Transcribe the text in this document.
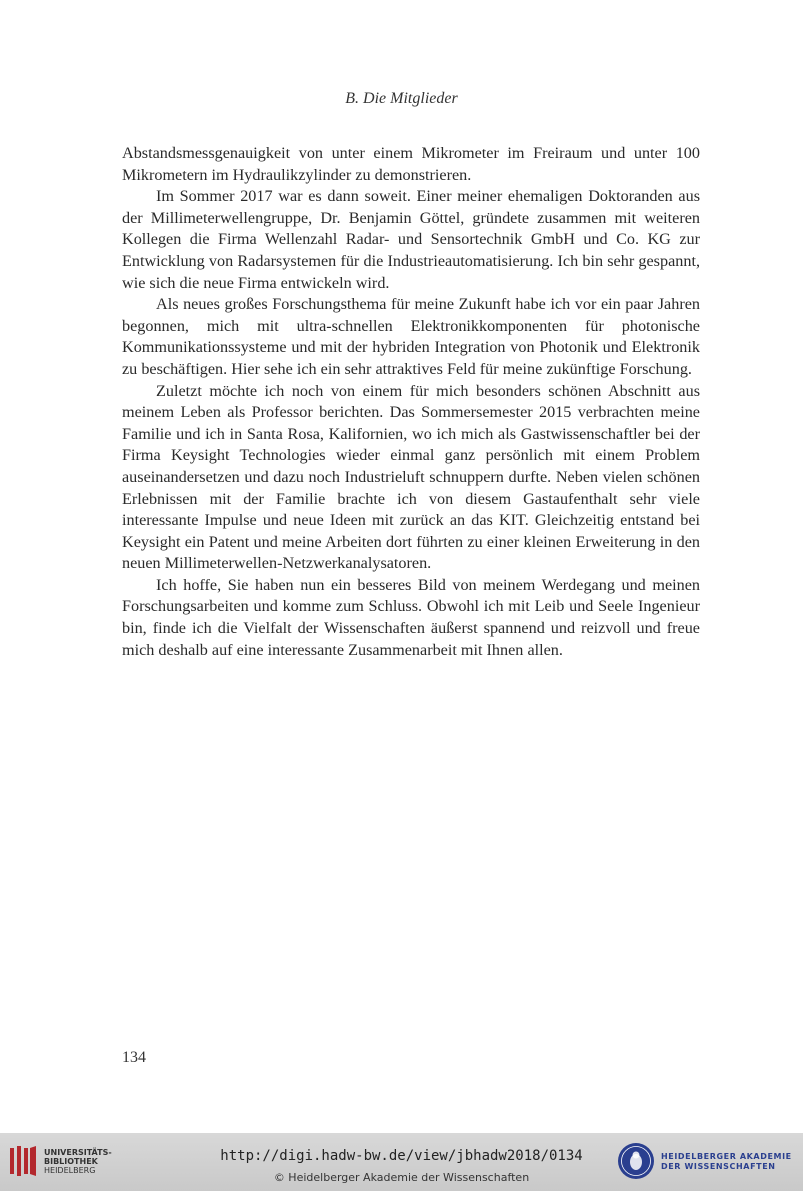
B. Die Mitglieder

Abstandsmessgenauigkeit von unter einem Mikrometer im Freiraum und unter 100 Mikrometern im Hydraulikzylinder zu demonstrieren.

Im Sommer 2017 war es dann soweit. Einer meiner ehemaligen Doktoranden aus der Millimeterwellengruppe, Dr. Benjamin Göttel, gründete zusammen mit weiteren Kollegen die Firma Wellenzahl Radar- und Sensortechnik GmbH und Co. KG zur Entwicklung von Radarsystemen für die Industrieautomatisierung. Ich bin sehr gespannt, wie sich die neue Firma entwickeln wird.

Als neues großes Forschungsthema für meine Zukunft habe ich vor ein paar Jahren begonnen, mich mit ultra-schnellen Elektronikkomponenten für photonische Kommunikationssysteme und mit der hybriden Integration von Photonik und Elektronik zu beschäftigen. Hier sehe ich ein sehr attraktives Feld für meine zukünftige Forschung.

Zuletzt möchte ich noch von einem für mich besonders schönen Abschnitt aus meinem Leben als Professor berichten. Das Sommersemester 2015 verbrachten meine Familie und ich in Santa Rosa, Kalifornien, wo ich mich als Gastwissenschaftler bei der Firma Keysight Technologies wieder einmal ganz persönlich mit einem Problem auseinandersetzen und dazu noch Industrieluft schnuppern durfte. Neben vielen schönen Erlebnissen mit der Familie brachte ich von diesem Gastaufenthalt sehr viele interessante Impulse und neue Ideen mit zurück an das KIT. Gleichzeitig entstand bei Keysight ein Patent und meine Arbeiten dort führten zu einer kleinen Erweiterung in den neuen Millimeterwellen-Netzwerkanalysatoren.

Ich hoffe, Sie haben nun ein besseres Bild von meinem Werdegang und meinen Forschungsarbeiten und komme zum Schluss. Obwohl ich mit Leib und Seele Ingenieur bin, finde ich die Vielfalt der Wissenschaften äußerst spannend und reizvoll und freue mich deshalb auf eine interessante Zusammenarbeit mit Ihnen allen.

134
UNIVERSITÄTS-
BIBLIOTHEK
HEIDELBERG
http://digi.hadw-bw.de/view/jbhadw2018/0134
© Heidelberger Akademie der Wissenschaften
HEIDELBERGER AKADEMIE
DER WISSENSCHAFTEN
